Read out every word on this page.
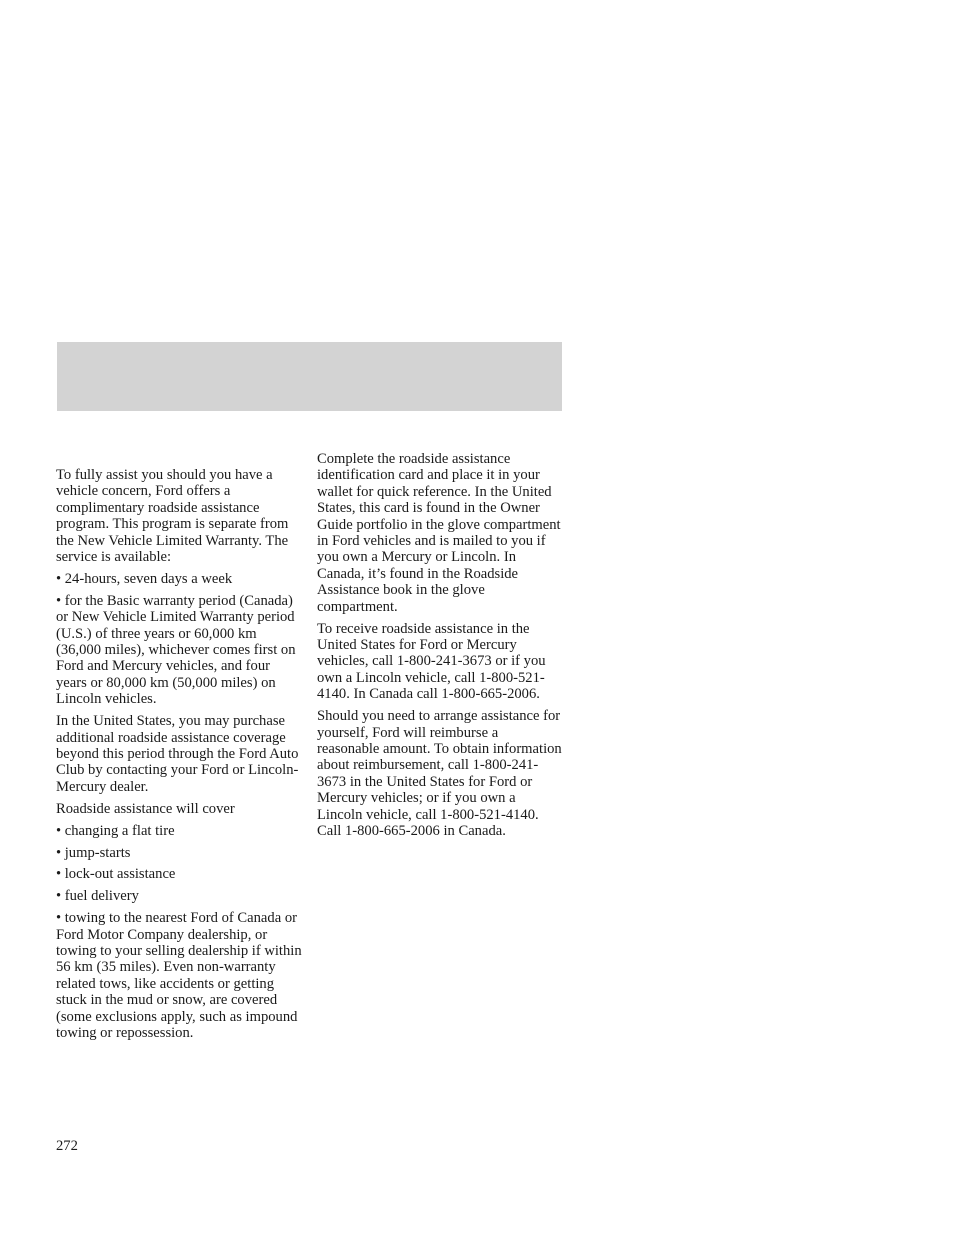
To fully assist you should you have a vehicle concern, Ford offers a complimentary roadside assistance program. This program is separate from the New Vehicle Limited Warranty. The service is available:

• 24-hours, seven days a week

• for the Basic warranty period (Canada) or New Vehicle Limited Warranty period (U.S.) of three years or 60,000 km (36,000 miles), whichever comes first on Ford and Mercury vehicles, and four years or 80,000 km (50,000 miles) on Lincoln vehicles.

In the United States, you may purchase additional roadside assistance coverage beyond this period through the Ford Auto Club by contacting your Ford or Lincoln-Mercury dealer.

Roadside assistance will cover

• changing a flat tire

• jump-starts

• lock-out assistance

• fuel delivery

• towing to the nearest Ford of Canada or Ford Motor Company dealership, or towing to your selling dealership if within 56 km (35 miles). Even non-warranty related tows, like accidents or getting stuck in the mud or snow, are covered (some exclusions apply, such as impound towing or repossession.

Complete the roadside assistance identification card and place it in your wallet for quick reference. In the United States, this card is found in the Owner Guide portfolio in the glove compartment in Ford vehicles and is mailed to you if you own a Mercury or Lincoln. In Canada, it’s found in the Roadside Assistance book in the glove compartment.

To receive roadside assistance in the United States for Ford or Mercury vehicles, call 1-800-241-3673 or if you own a Lincoln vehicle, call 1-800-521-4140. In Canada call 1-800-665-2006.

Should you need to arrange assistance for yourself, Ford will reimburse a reasonable amount. To obtain information about reimbursement, call 1-800-241-3673 in the United States for Ford or Mercury vehicles; or if you own a Lincoln vehicle, call 1-800-521-4140. Call 1-800-665-2006 in Canada.

272
